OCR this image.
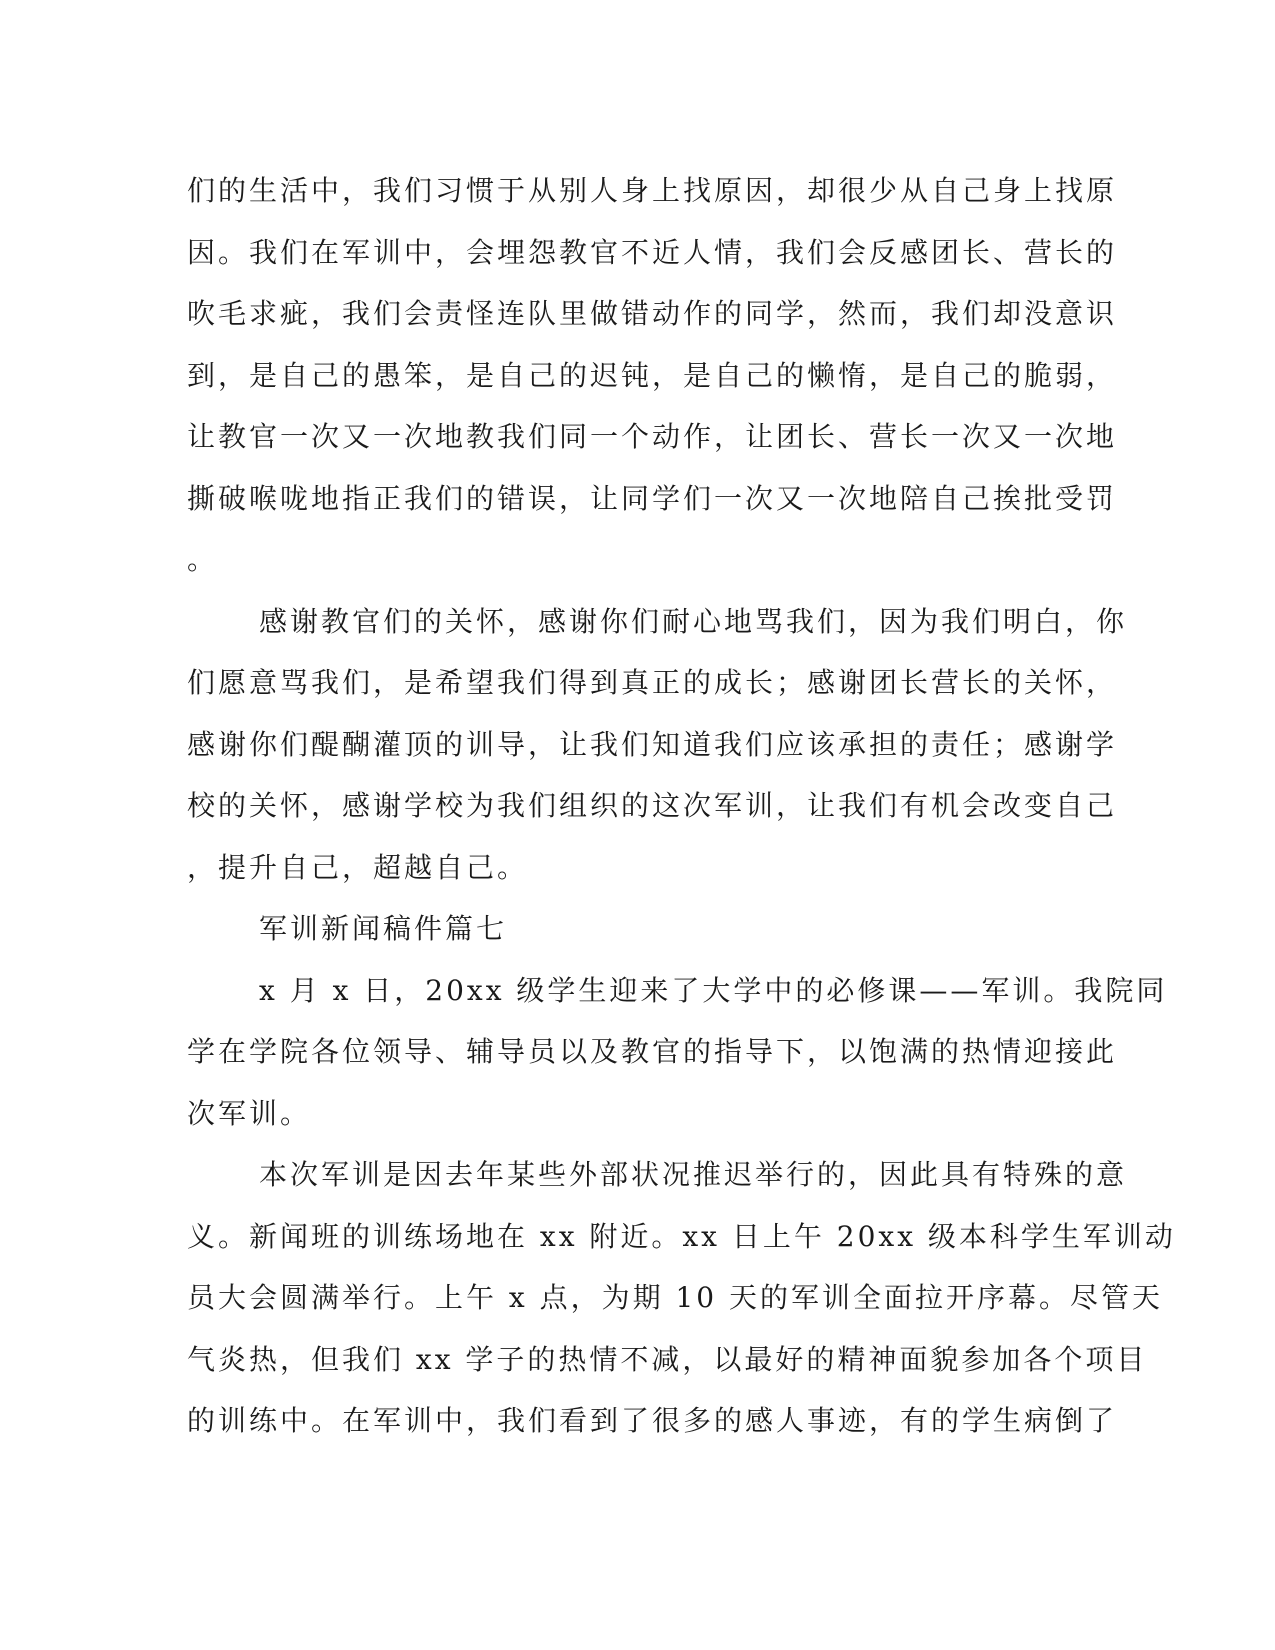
们的生活中，我们习惯于从别人身上找原因，却很少从自己身上找原
因。我们在军训中，会埋怨教官不近人情，我们会反感团长、营长的
吹毛求疵，我们会责怪连队里做错动作的同学，然而，我们却没意识
到，是自己的愚笨，是自己的迟钝，是自己的懒惰，是自己的脆弱，
让教官一次又一次地教我们同一个动作，让团长、营长一次又一次地
撕破喉咙地指正我们的错误，让同学们一次又一次地陪自己挨批受罚
。
感谢教官们的关怀，感谢你们耐心地骂我们，因为我们明白，你
们愿意骂我们，是希望我们得到真正的成长；感谢团长营长的关怀，
感谢你们醍醐灌顶的训导，让我们知道我们应该承担的责任；感谢学
校的关怀，感谢学校为我们组织的这次军训，让我们有机会改变自己
，提升自己，超越自己。
军训新闻稿件篇七
x 月 x 日，20xx 级学生迎来了大学中的必修课——军训。我院同
学在学院各位领导、辅导员以及教官的指导下，以饱满的热情迎接此
次军训。
本次军训是因去年某些外部状况推迟举行的，因此具有特殊的意
义。新闻班的训练场地在 xx 附近。xx 日上午 20xx 级本科学生军训动
员大会圆满举行。上午 x 点，为期 10 天的军训全面拉开序幕。尽管天
气炎热，但我们 xx 学子的热情不减，以最好的精神面貌参加各个项目
的训练中。在军训中，我们看到了很多的感人事迹，有的学生病倒了
